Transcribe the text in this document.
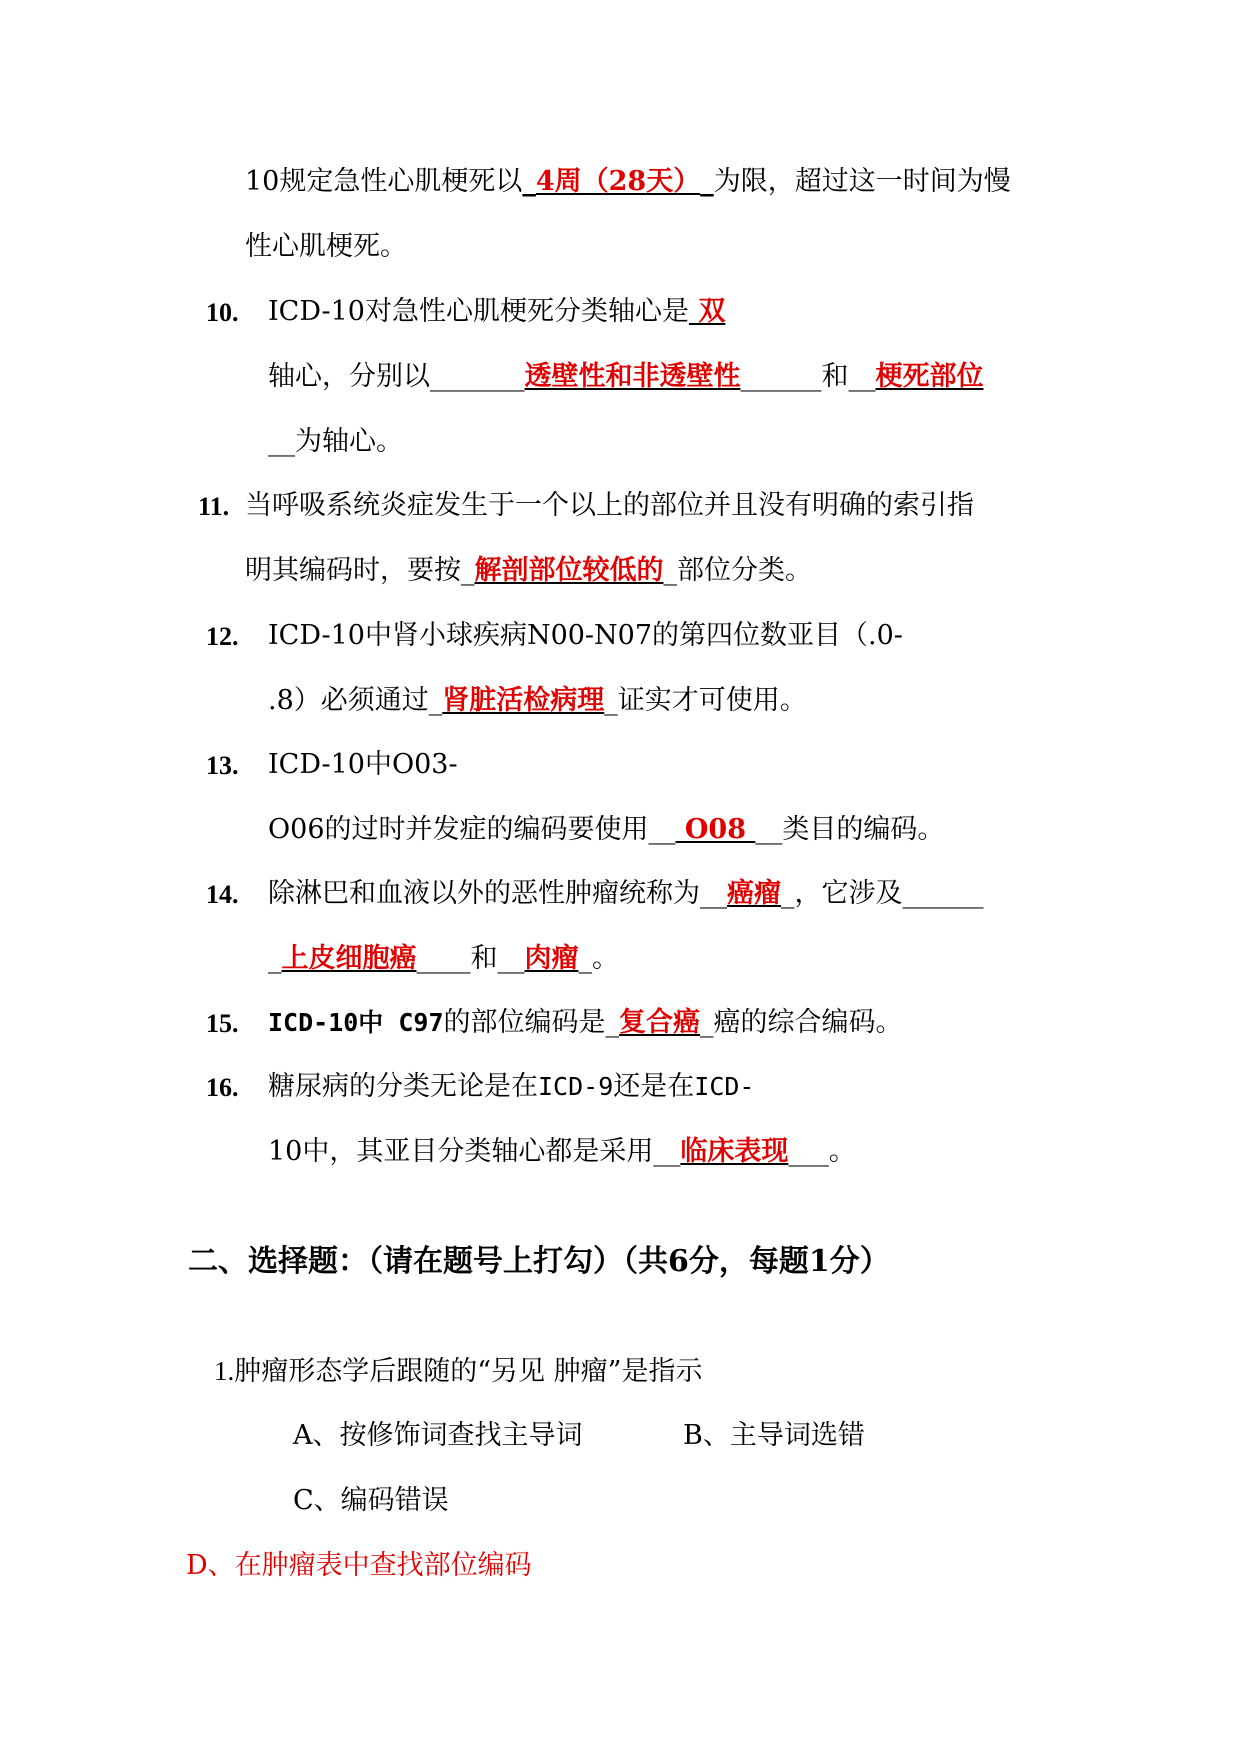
10规定急性心肌梗死以_4周（28天）_为限，超过这一时间为慢
性心肌梗死。
10. ICD-10对急性心肌梗死分类轴心是 双
轴心，分别以_______透壁性和非透壁性______和__梗死部位
__为轴心。
11. 当呼吸系统炎症发生于一个以上的部位并且没有明确的索引指
明其编码时，要按_解剖部位较低的_部位分类。
12. ICD-10中肾小球疾病N00-N07的第四位数亚目（.0-
.8）必须通过_肾脏活检病理_证实才可使用。
13. ICD-10中O03-
O06的过时并发症的编码要使用__ O08 __类目的编码。
14. 除淋巴和血液以外的恶性肿瘤统称为__癌瘤_，它涉及______
_上皮细胞癌____和__肉瘤_。
15. ICD-10中 C97的部位编码是_复合癌_癌的综合编码。
16. 糖尿病的分类无论是在ICD-9还是在ICD-
10中，其亚目分类轴心都是采用__临床表现___。
二、选择题：（请在题号上打勾）（共6分，每题1分）
1.肿瘤形态学后跟随的“另见 肿瘤”是指示
A、按修饰词查找主导词	B、主导词选错
C、编码错误
D、在肿瘤表中查找部位编码
